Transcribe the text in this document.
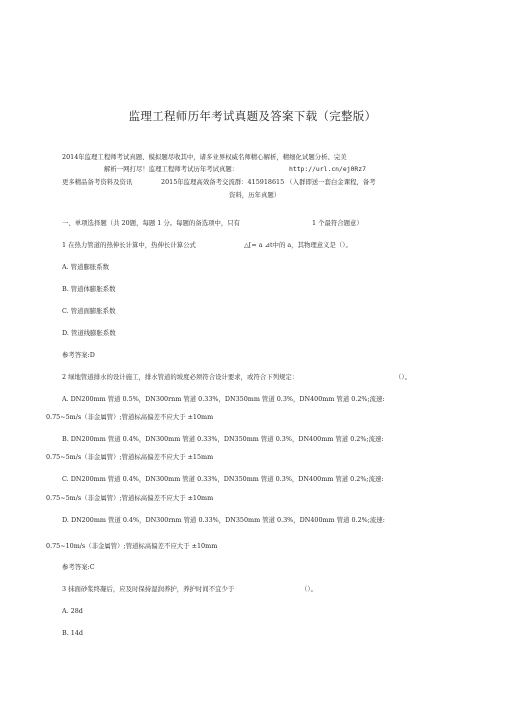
监理工程师历年考试真题及答案下载（完整版）
2014年监理工程师考试真题、模拟题尽收其中，诸多业界权威名师精心解析，精细化试题分析、完美
解析一网打尽！监理工程师考试历年考试真题：	http://url.cn/ej0Rz7
更多精品备考资料及资讯	2015年监理高效备考交流群：415918615 （入群即送一套白金课程，备考
资料，历年真题）
一、单项选择题（共 20题，每题 1 分。每题的备选项中，只有	1 个最符合题意）
1 在热力管道的热伸长计算中，热伸长计算公式	△[= a ⊿t中的 a，其物理意义是（）。
A. 管道膨胀系数
B. 管道体膨胀系数
C. 管道面膨胀系数
D. 管道线膨胀系数
参考答案:D
2 绿地管道排水的设计施工，排水管道的坡度必须符合设计要求，或符合下列规定：	（）。
A. DN200mm 管道 0.5%，DN300rnm 管道 0.33%，DN350mm 管道 0.3%，DN400mm 管道 0.2%;流速:
0.75~5m/s（非金属管）;管道标高偏差不应大于 ±10mm
B. DN200mm 管道 0.4%，DN300mm 管道 0.33%，DN350mm 管道 0.3%，DN400mm 管道 0.2%;流速:
0.75~5m/s（非金属管）;管道标高偏差不应大于 ±15mm
C. DN200mm 管道 0.4%，DN300mm 管道 0.33%，DN350mm 管道 0.3%，DN400mm 管道 0.2%;流速:
0.75~5m/s（非金属管）;管道标高偏差不应大于 ±10mm
D. DN200mm 管道 0.4%，DN300rnm 管道 0.33%，DN350mm 管道 0.3%，DN400mm 管道 0.2%;流速:
0.75~10m/s（非金属管）;管道标高偏差不应大于 ±10mm
参考答案:C
3 抹面砂浆终凝后，应及时保持湿润养护，养护时间不宜少于	（）。
A. 28d
B. 14d
